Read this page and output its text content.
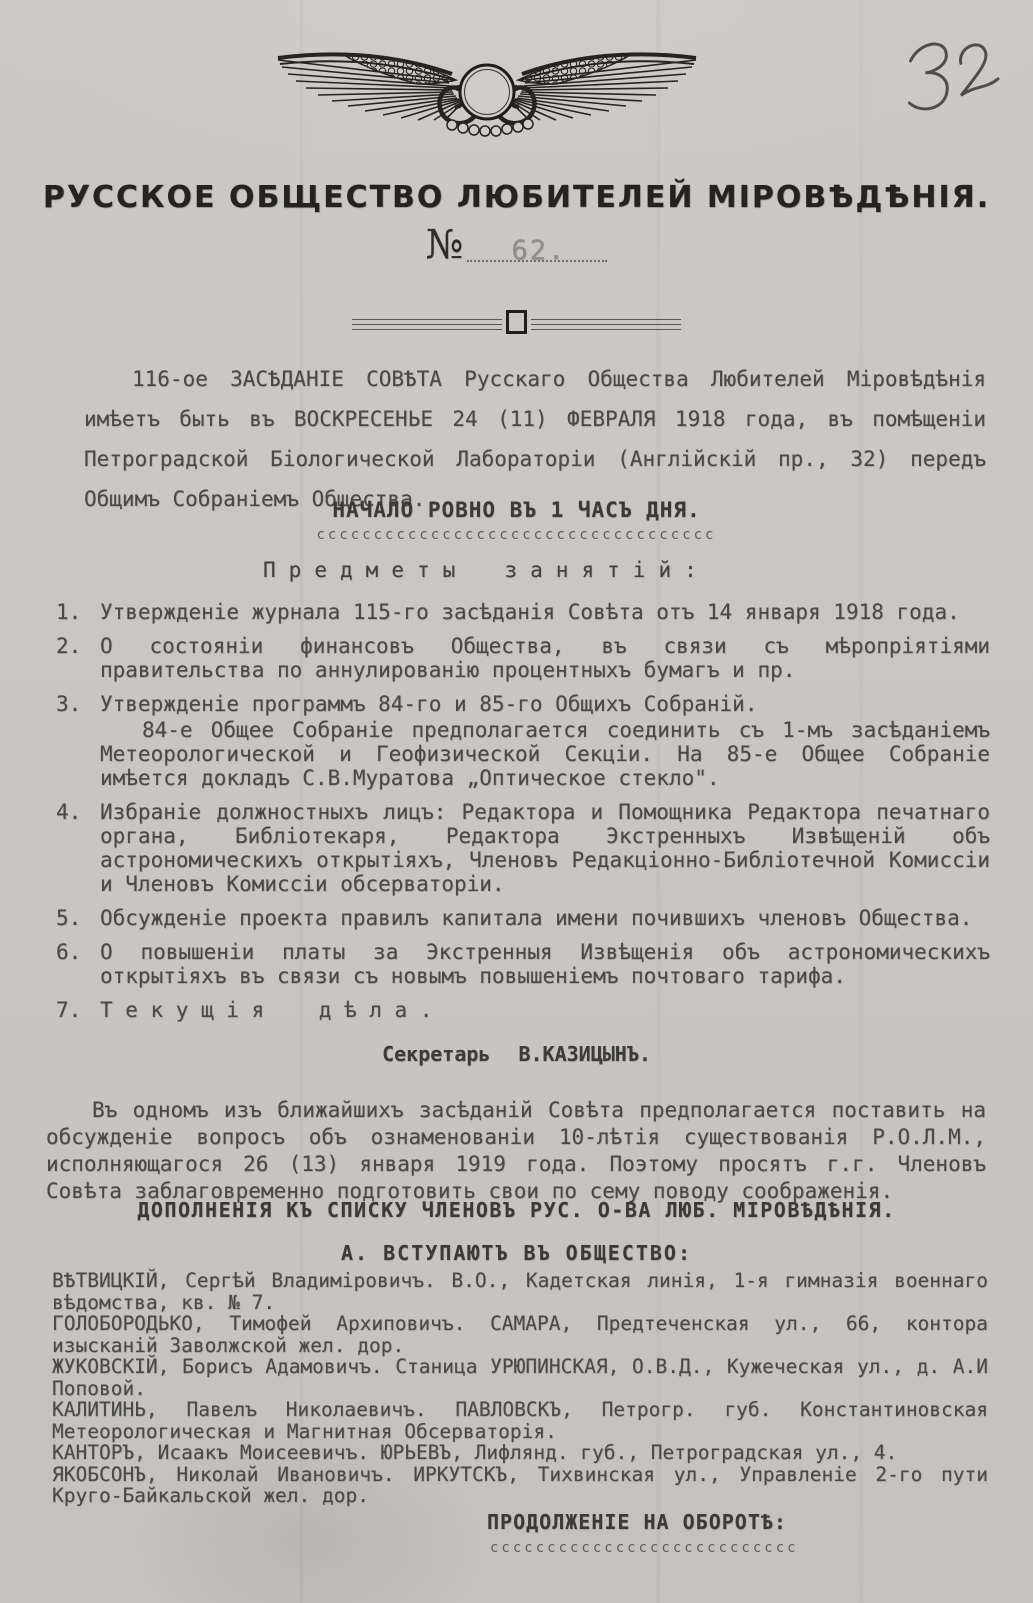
РУССКОЕ ОБЩЕСТВО ЛЮБИТЕЛЕЙ МІРОВѢДѢНІЯ.
№ 62.

116-ое ЗАСѢДАНІЕ СОВѢТА Русскаго Общества Любителей Міровѣдѣнія имѣетъ быть въ ВОСКРЕСЕНЬЕ 24 (11) ФЕВРАЛЯ 1918 года, въ помѣщеніи Петроградской Біологической Лабораторіи (Англійскій пр., 32) передъ Общимъ Собраніемъ Общества.

НАЧАЛО РОВНО ВЪ 1 ЧАСЪ ДНЯ.
ссссссссссссссссссссссссссссссссссс
Предметы занятій:
1. Утвержденіе журнала 115-го засѣданія Совѣта отъ 14 января 1918 года.
2. О состояніи финансовъ Общества, въ связи съ мѣропріятіями правительства по аннулированію процентныхъ бумагъ и пр.
3. Утвержденіе программъ 84-го и 85-го Общихъ Собраній.
84-е Общее Собраніе предполагается соединить съ 1-мъ засѣданіемъ Метеорологической и Геофизической Секціи. На 85-е Общее Собраніе имѣется докладъ С.В.Муратова „Оптическое стекло".
4. Избраніе должностныхъ лицъ: Редактора и Помощника Редактора печатнаго органа, Библіотекаря, Редактора Экстренныхъ Извѣщеній объ астрономическихъ открытіяхъ, Членовъ Редакціонно-Библіотечной Комиссіи и Членовъ Комиссіи обсерваторіи.
5. Обсужденіе проекта правилъ капитала имени почившихъ членовъ Общества.
6. О повышеніи платы за Экстренныя Извѣщенія объ астрономическихъ открытіяхъ въ связи съ новымъ повышеніемъ почтоваго тарифа.
7. Текущія дѣла.
Секретарь В.КАЗИЦЫНЪ.

Въ одномъ изъ ближайшихъ засѣданій Совѣта предполагается поставить на обсужденіе вопросъ объ ознаменованіи 10-лѣтія существованія Р.О.Л.М., исполняющагося 26 (13) января 1919 года. Поэтому просятъ г.г. Членовъ Совѣта заблаговременно подготовить свои по сему поводу соображенія.

ДОПОЛНЕНІЯ КЪ СПИСКУ ЧЛЕНОВЪ РУС. О-ВА ЛЮБ. МІРОВѢДѢНІЯ.
А. ВСТУПАЮТЪ ВЪ ОБЩЕСТВО:

ВѢТВИЦКІЙ, Сергѣй Владиміровичъ. В.О., Кадетская линія, 1-я гимназія военнаго вѣдомства, кв. № 7.

ГОЛОБОРОДЬКО, Тимофей Архиповичъ. САМАРА, Предтеченская ул., 66, контора изысканій Заволжской жел. дор.

ЖУКОВСКІЙ, Борисъ Адамовичъ. Станица УРЮПИНСКАЯ, О.В.Д., Кужеческая ул., д. А.И Поповой.

КАЛИТИНЬ, Павелъ Николаевичъ. ПАВЛОВСКЪ, Петрогр. губ. Константиновская Метеорологическая и Магнитная Обсерваторія.

КАНТОРЪ, Исаакъ Моисеевичъ. ЮРЬЕВЪ, Лифлянд. губ., Петроградская ул., 4.

ЯКОБСОНЪ, Николай Ивановичъ. ИРКУТСКЪ, Тихвинская ул., Управленіе 2-го пути Круго-Байкальской жел. дор.

ПРОДОЛЖЕНІЕ НА ОБОРОТѢ:
ссссссссссссссссссссссссссс
